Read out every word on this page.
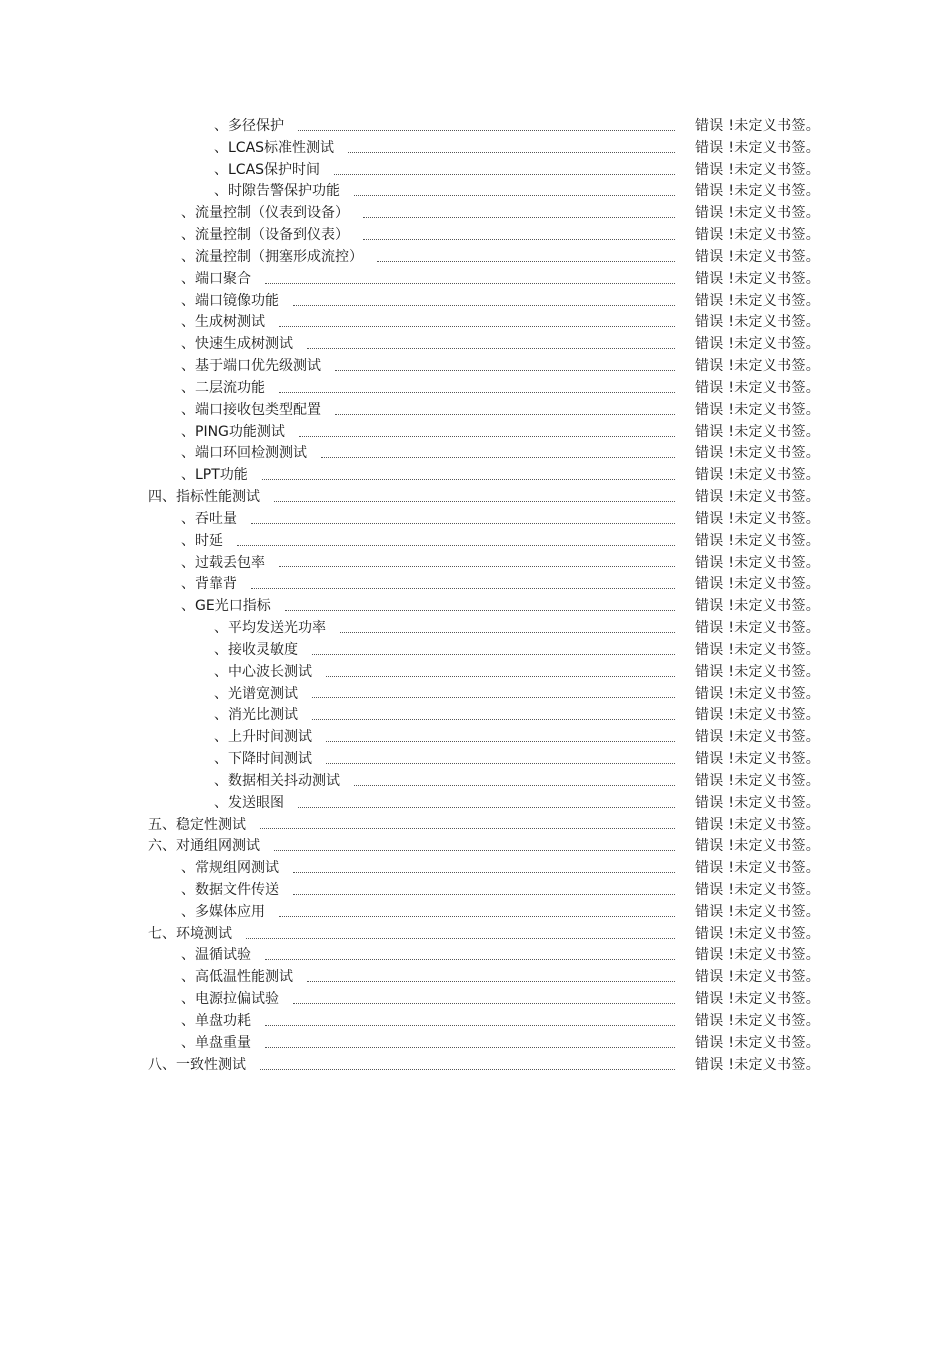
、多径保护	错误 !未定义书签。
、LCAS标准性测试	错误 !未定义书签。
、LCAS保护时间	错误 !未定义书签。
、时隙告警保护功能	错误 !未定义书签。
、流量控制（仪表到设备）	错误 !未定义书签。
、流量控制（设备到仪表）	错误 !未定义书签。
、流量控制（拥塞形成流控）	错误 !未定义书签。
、端口聚合	错误 !未定义书签。
、端口镜像功能	错误 !未定义书签。
、生成树测试	错误 !未定义书签。
、快速生成树测试	错误 !未定义书签。
、基于端口优先级测试	错误 !未定义书签。
、二层流功能	错误 !未定义书签。
、端口接收包类型配置	错误 !未定义书签。
、PING功能测试	错误 !未定义书签。
、端口环回检测测试	错误 !未定义书签。
、LPT功能	错误 !未定义书签。
四、指标性能测试	错误 !未定义书签。
、吞吐量	错误 !未定义书签。
、时延	错误 !未定义书签。
、过载丢包率	错误 !未定义书签。
、背靠背	错误 !未定义书签。
、GE光口指标	错误 !未定义书签。
、平均发送光功率	错误 !未定义书签。
、接收灵敏度	错误 !未定义书签。
、中心波长测试	错误 !未定义书签。
、光谱宽测试	错误 !未定义书签。
、消光比测试	错误 !未定义书签。
、上升时间测试	错误 !未定义书签。
、下降时间测试	错误 !未定义书签。
、数据相关抖动测试	错误 !未定义书签。
、发送眼图	错误 !未定义书签。
五、稳定性测试	错误 !未定义书签。
六、对通组网测试	错误 !未定义书签。
、常规组网测试	错误 !未定义书签。
、数据文件传送	错误 !未定义书签。
、多媒体应用	错误 !未定义书签。
七、环境测试	错误 !未定义书签。
、温循试验	错误 !未定义书签。
、高低温性能测试	错误 !未定义书签。
、电源拉偏试验	错误 !未定义书签。
、单盘功耗	错误 !未定义书签。
、单盘重量	错误 !未定义书签。
八、一致性测试	错误 !未定义书签。
